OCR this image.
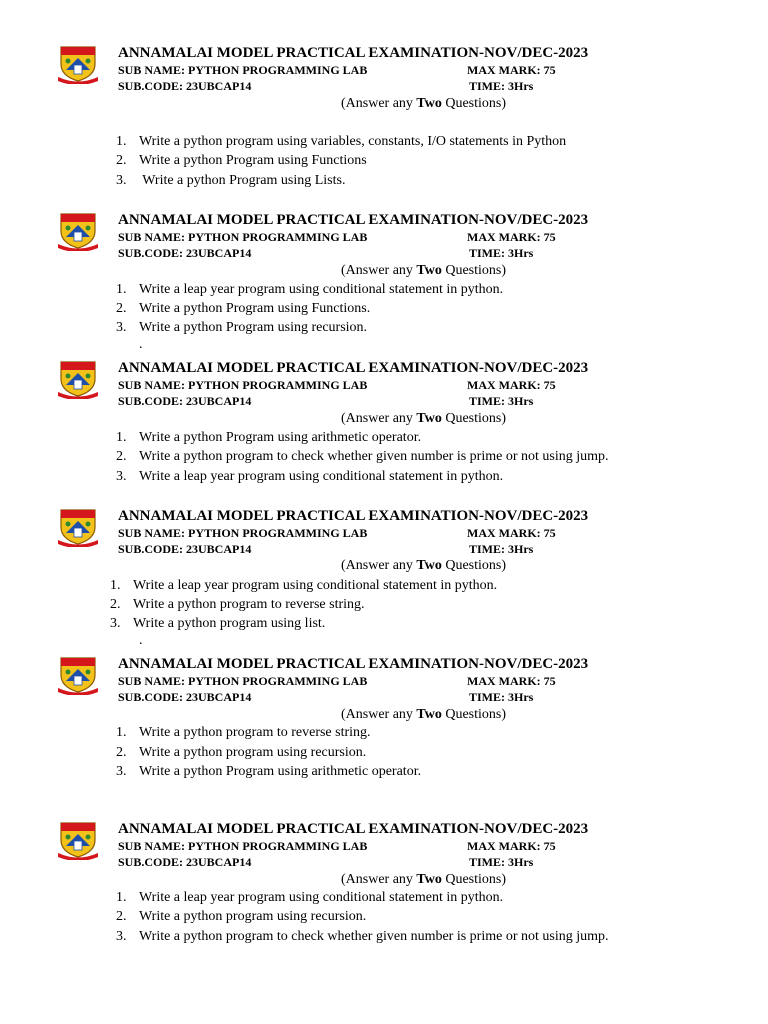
ANNAMALAI MODEL PRACTICAL EXAMINATION-NOV/DEC-2023
SUB NAME: PYTHON PROGRAMMING LAB
SUB.CODE: 23UBCAP14
MAX MARK: 75
TIME: 3Hrs
(Answer any Two Questions)
1. Write a python program using variables, constants, I/O statements in Python
2. Write a python Program using Functions
3. Write a python Program using Lists.
ANNAMALAI MODEL PRACTICAL EXAMINATION-NOV/DEC-2023
SUB NAME: PYTHON PROGRAMMING LAB
SUB.CODE: 23UBCAP14
MAX MARK: 75
TIME: 3Hrs
(Answer any Two Questions)
1. Write a leap year program using conditional statement in python.
2. Write a python Program using Functions.
3. Write a python Program using recursion.
.
ANNAMALAI MODEL PRACTICAL EXAMINATION-NOV/DEC-2023
SUB NAME: PYTHON PROGRAMMING LAB
SUB.CODE: 23UBCAP14
MAX MARK: 75
TIME: 3Hrs
(Answer any Two Questions)
1. Write a python Program using arithmetic operator.
2. Write a python program to check whether given number is prime or not using jump.
3. Write a leap year program using conditional statement in python.
ANNAMALAI MODEL PRACTICAL EXAMINATION-NOV/DEC-2023
SUB NAME: PYTHON PROGRAMMING LAB
SUB.CODE: 23UBCAP14
MAX MARK: 75
TIME: 3Hrs
(Answer any Two Questions)
1. Write a leap year program using conditional statement in python.
2. Write a python program to reverse string.
3. Write a python program using list.
.
ANNAMALAI MODEL PRACTICAL EXAMINATION-NOV/DEC-2023
SUB NAME: PYTHON PROGRAMMING LAB
SUB.CODE: 23UBCAP14
MAX MARK: 75
TIME: 3Hrs
(Answer any Two Questions)
1. Write a python program to reverse string.
2. Write a python program using recursion.
3. Write a python Program using arithmetic operator.
ANNAMALAI MODEL PRACTICAL EXAMINATION-NOV/DEC-2023
SUB NAME: PYTHON PROGRAMMING LAB
SUB.CODE: 23UBCAP14
MAX MARK: 75
TIME: 3Hrs
(Answer any Two Questions)
1. Write a leap year program using conditional statement in python.
2. Write a python program using recursion.
3. Write a python program to check whether given number is prime or not using jump.
